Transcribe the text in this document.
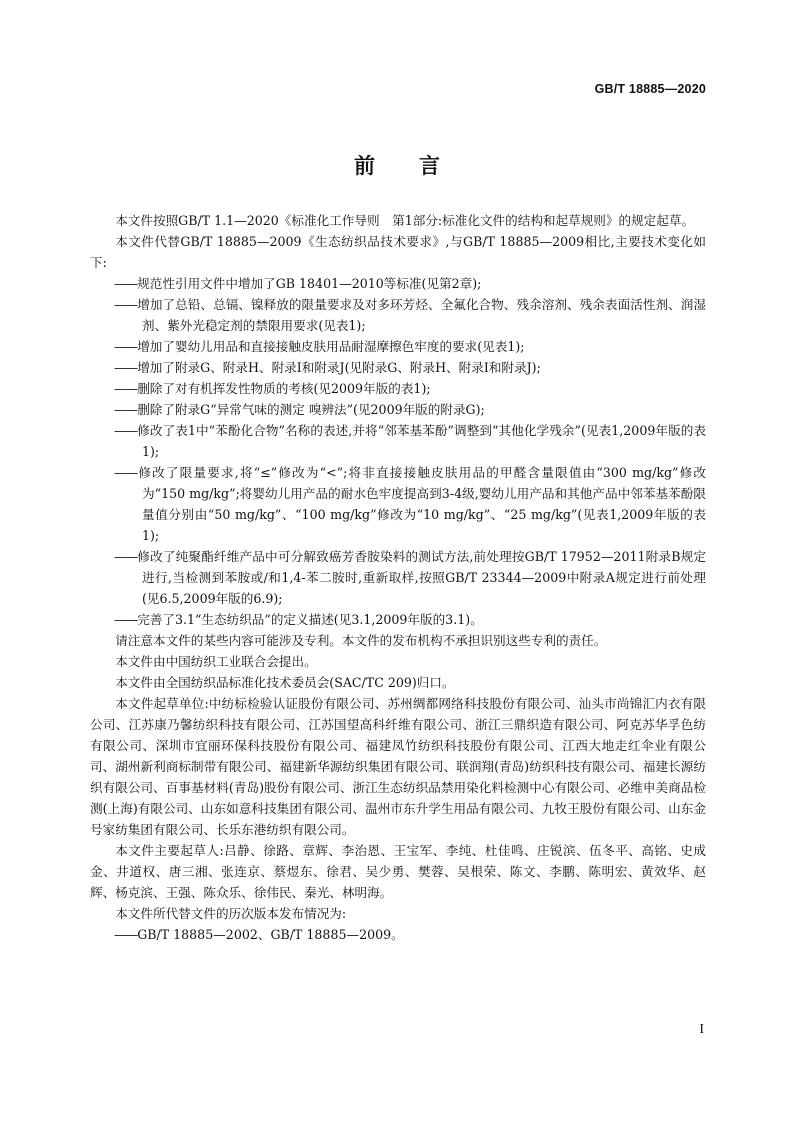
GB/T 18885—2020
前言

本文件按照GB/T 1.1—2020《标准化工作导则　第1部分:标准化文件的结构和起草规则》的规定起草。

本文件代替GB/T 18885—2009《生态纺织品技术要求》,与GB/T 18885—2009相比,主要技术变化如下:

——规范性引用文件中增加了GB 18401—2010等标准(见第2章);

——增加了总铅、总镉、镍释放的限量要求及对多环芳烃、全氟化合物、残余溶剂、残余表面活性剂、润湿剂、紫外光稳定剂的禁限用要求(见表1);

——增加了婴幼儿用品和直接接触皮肤用品耐湿摩擦色牢度的要求(见表1);

——增加了附录G、附录H、附录I和附录J(见附录G、附录H、附录I和附录J);

——删除了对有机挥发性物质的考核(见2009年版的表1);

——删除了附录G“异常气味的测定 嗅辨法”(见2009年版的附录G);

——修改了表1中“苯酚化合物”名称的表述,并将“邻苯基苯酚”调整到“其他化学残余”(见表1,2009年版的表1);

——修改了限量要求,将“≤”修改为“<”;将非直接接触皮肤用品的甲醛含量限值由“300 mg/kg”修改为“150 mg/kg”;将婴幼儿用产品的耐水色牢度提高到3-4级,婴幼儿用产品和其他产品中邻苯基苯酚限量值分别由“50 mg/kg”、“100 mg/kg”修改为“10 mg/kg”、“25 mg/kg”(见表1,2009年版的表1);

——修改了纯聚酯纤维产品中可分解致癌芳香胺染料的测试方法,前处理按GB/T 17952—2011附录B规定进行,当检测到苯胺或/和1,4-苯二胺时,重新取样,按照GB/T 23344—2009中附录A规定进行前处理(见6.5,2009年版的6.9);

——完善了3.1“生态纺织品”的定义描述(见3.1,2009年版的3.1)。

请注意本文件的某些内容可能涉及专利。本文件的发布机构不承担识别这些专利的责任。

本文件由中国纺织工业联合会提出。

本文件由全国纺织品标准化技术委员会(SAC/TC 209)归口。

本文件起草单位:中纺标检验认证股份有限公司、苏州绸都网络科技股份有限公司、汕头市尚锦汇内衣有限公司、江苏康乃馨纺织科技有限公司、江苏国望高科纤维有限公司、浙江三鼎织造有限公司、阿克苏华孚色纺有限公司、深圳市宜丽环保科技股份有限公司、福建凤竹纺织科技股份有限公司、江西大地走红伞业有限公司、湖州新利商标制带有限公司、福建新华源纺织集团有限公司、联润翔(青岛)纺织科技有限公司、福建长源纺织有限公司、百事基材料(青岛)股份有限公司、浙江生态纺织品禁用染化料检测中心有限公司、必维申美商品检测(上海)有限公司、山东如意科技集团有限公司、温州市东升学生用品有限公司、九牧王股份有限公司、山东金号家纺集团有限公司、长乐东港纺织有限公司。

本文件主要起草人:吕静、徐路、章辉、李治恩、王宝军、李纯、杜佳鸣、庄锐滨、伍冬平、高铭、史成金、井道权、唐三湘、张连京、蔡煜东、徐君、吴少勇、樊蓉、吴根荣、陈文、李鹏、陈明宏、黄效华、赵辉、杨克滨、王强、陈众乐、徐伟民、秦光、林明海。

本文件所代替文件的历次版本发布情况为:

——GB/T 18885—2002、GB/T 18885—2009。

I
